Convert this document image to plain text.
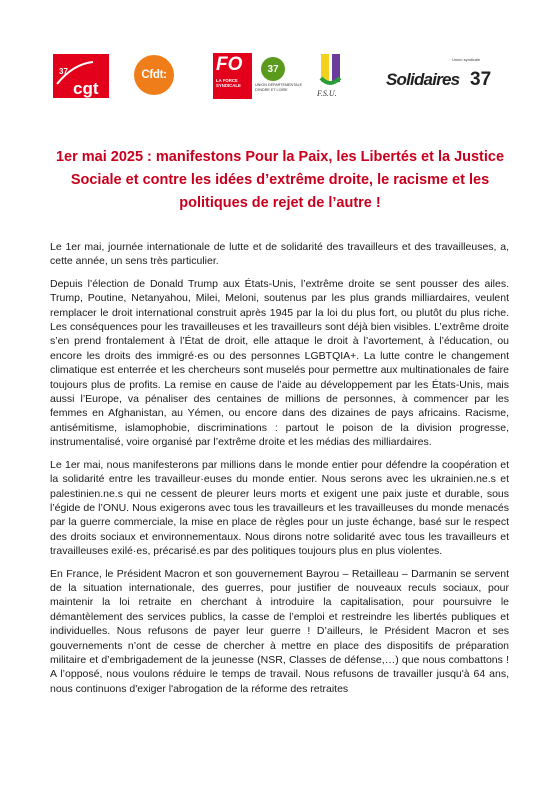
37
cgt
Cfdt:	FO
LA FORCE SYNDICALE
37
UNION DÉPARTEMENTALE D'INDRE ET LOIRE	F.S.U.
Union syndicale
Solidaires 37
1er mai 2025 : manifestons Pour la Paix, les Libertés et la Justice Sociale et contre les idées d’extrême droite, le racisme et les politiques de rejet de l’autre !

Le 1er mai, journée internationale de lutte et de solidarité des travailleurs et des travailleuses, a, cette année, un sens très particulier.

Depuis l’élection de Donald Trump aux États-Unis, l’extrême droite se sent pousser des ailes. Trump, Poutine, Netanyahou, Milei, Meloni, soutenus par les plus grands milliardaires, veulent remplacer le droit international construit après 1945 par la loi du plus fort, ou plutôt du plus riche. Les conséquences pour les travailleuses et les travailleurs sont déjà bien visibles. L’extrême droite s’en prend frontalement à l’État de droit, elle attaque le droit à l’avortement, à l’éducation, ou encore les droits des immigré·es ou des personnes LGBTQIA+. La lutte contre le changement climatique est enterrée et les chercheurs sont muselés pour permettre aux multinationales de faire toujours plus de profits. La remise en cause de l’aide au développement par les États-Unis, mais aussi l’Europe, va pénaliser des centaines de millions de personnes, à commencer par les femmes en Afghanistan, au Yémen, ou encore dans des dizaines de pays africains. Racisme, antisémitisme, islamophobie, discriminations : partout le poison de la division progresse, instrumentalisé, voire organisé par l’extrême droite et les médias des milliardaires.

Le 1er mai, nous manifesterons par millions dans le monde entier pour défendre la coopération et la solidarité entre les travailleur·euses du monde entier. Nous serons avec les ukrainien.ne.s et palestinien.ne.s qui ne cessent de pleurer leurs morts et exigent une paix juste et durable, sous l’égide de l’ONU. Nous exigerons avec tous les travailleurs et les travailleuses du monde menacés par la guerre commerciale, la mise en place de règles pour un juste échange, basé sur le respect des droits sociaux et environnementaux. Nous dirons notre solidarité avec tous les travailleurs et travailleuses exilé·es, précarisé.es par des politiques toujours plus en plus violentes.

En France, le Président Macron et son gouvernement Bayrou – Retailleau – Darmanin se servent de la situation internationale, des guerres, pour justifier de nouveaux reculs sociaux, pour maintenir la loi retraite en cherchant à introduire la capitalisation, pour poursuivre le démantèlement des services publics, la casse de l’emploi et restreindre les libertés publiques et individuelles. Nous refusons de payer leur guerre ! D’ailleurs, le Président Macron et ses gouvernements n’ont de cesse de chercher à mettre en place des dispositifs de préparation militaire et d’embrigadement de la jeunesse (NSR, Classes de défense,…) que nous combattons ! A l’opposé, nous voulons réduire le temps de travail. Nous refusons de travailler jusqu'à 64 ans, nous continuons d'exiger l'abrogation de la réforme des retraites
